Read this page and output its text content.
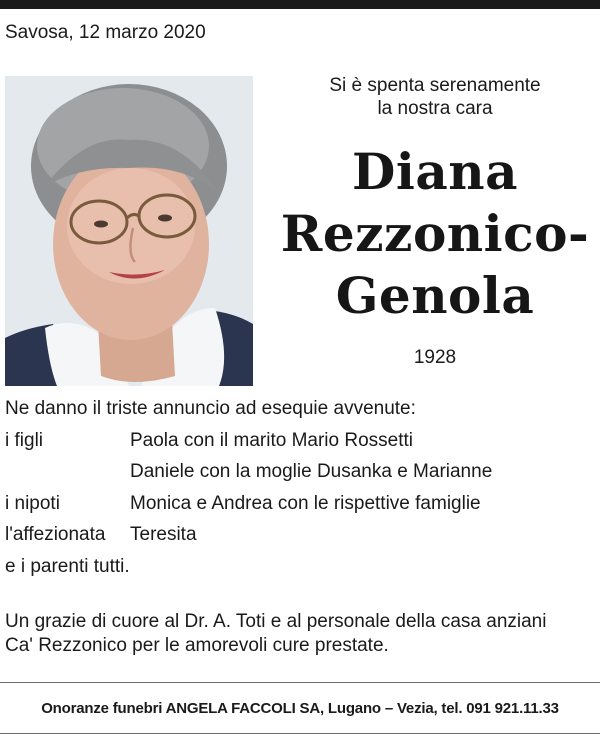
Savosa, 12 marzo 2020
Si è spenta serenamente
la nostra cara
Diana
Rezzonico-
Genola
1928
Ne danno il triste annuncio ad esequie avvenute:
i figli	Paola con il marito Mario Rossetti
Daniele con la moglie Dusanka e Marianne
i nipoti	Monica e Andrea con le rispettive famiglie
l'affezionata Teresita
e i parenti tutti.
Un grazie di cuore al Dr. A. Toti e al personale della casa anziani
Ca' Rezzonico per le amorevoli cure prestate.
Onoranze funebri ANGELA FACCOLI SA, Lugano – Vezia, tel. 091 921.11.33
